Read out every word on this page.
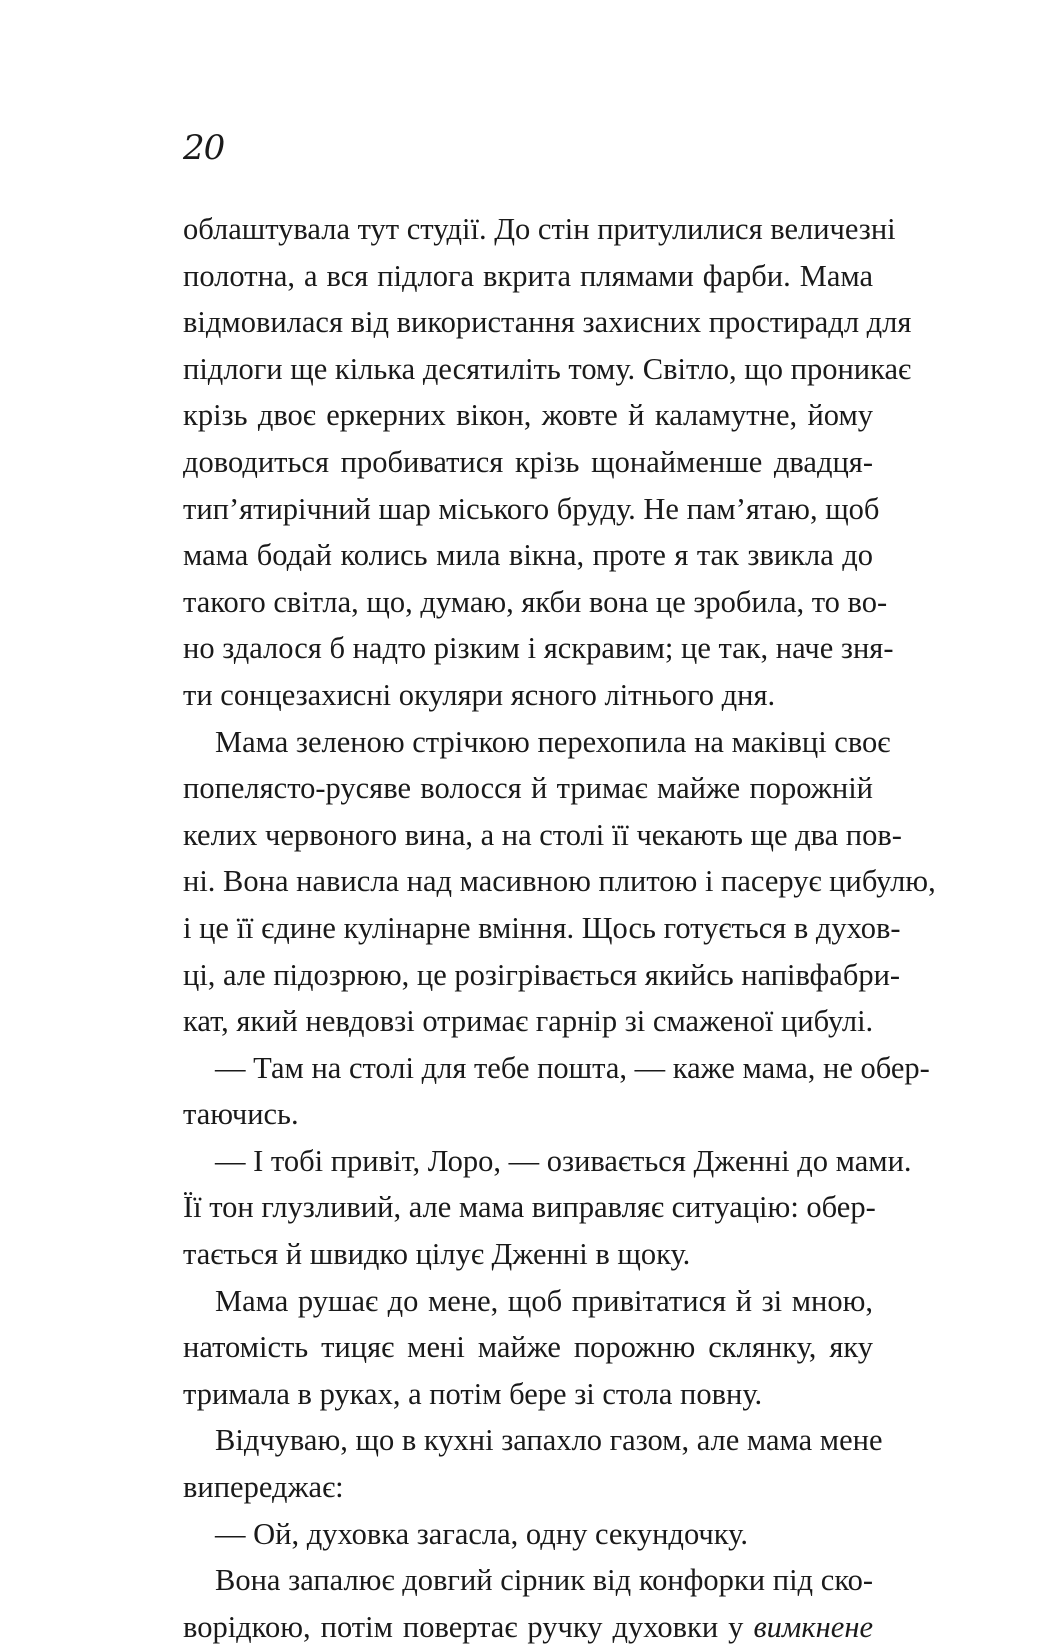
20
облаштувала тут студії. До стін притулилися величезні
полотна, а вся підлога вкрита плямами фарби. Мама
відмовилася від використання захисних простирадл для
підлоги ще кілька десятиліть тому. Світло, що проникає
крізь двоє еркерних вікон, жовте й каламутне, йому
доводиться пробиватися крізь щонайменше двадця-
тип’ятирічний шар міського бруду. Не пам’ятаю, щоб
мама бодай колись мила вікна, проте я так звикла до
такого світла, що, думаю, якби вона це зробила, то во-
но здалося б надто різким і яскравим; це так, наче зня-
ти сонцезахисні окуляри ясного літнього дня.
Мама зеленою стрічкою перехопила на маківці своє
попелясто-русяве волосся й тримає майже порожній
келих червоного вина, а на столі її чекають ще два пов-
ні. Вона нависла над масивною плитою і пасерує цибулю,
і це її єдине кулінарне вміння. Щось готується в духов-
ці, але підозрюю, це розігрівається якийсь напівфабри-
кат, який невдовзі отримає гарнір зі смаженої цибулі.
— Там на столі для тебе пошта, — каже мама, не обер-
таючись.
— І тобі привіт, Лоро, — озивається Дженні до мами.
Її тон глузливий, але мама виправляє ситуацію: обер-
тається й швидко цілує Дженні в щоку.
Мама рушає до мене, щоб привітатися й зі мною,
натомість тицяє мені майже порожню склянку, яку
тримала в руках, а потім бере зі стола повну.
Відчуваю, що в кухні запахло газом, але мама мене
випереджає:
— Ой, духовка загасла, одну секундочку.
Вона запалює довгий сірник від конфорки під ско-
ворідкою, потім повертає ручку духовки у вимкнене
